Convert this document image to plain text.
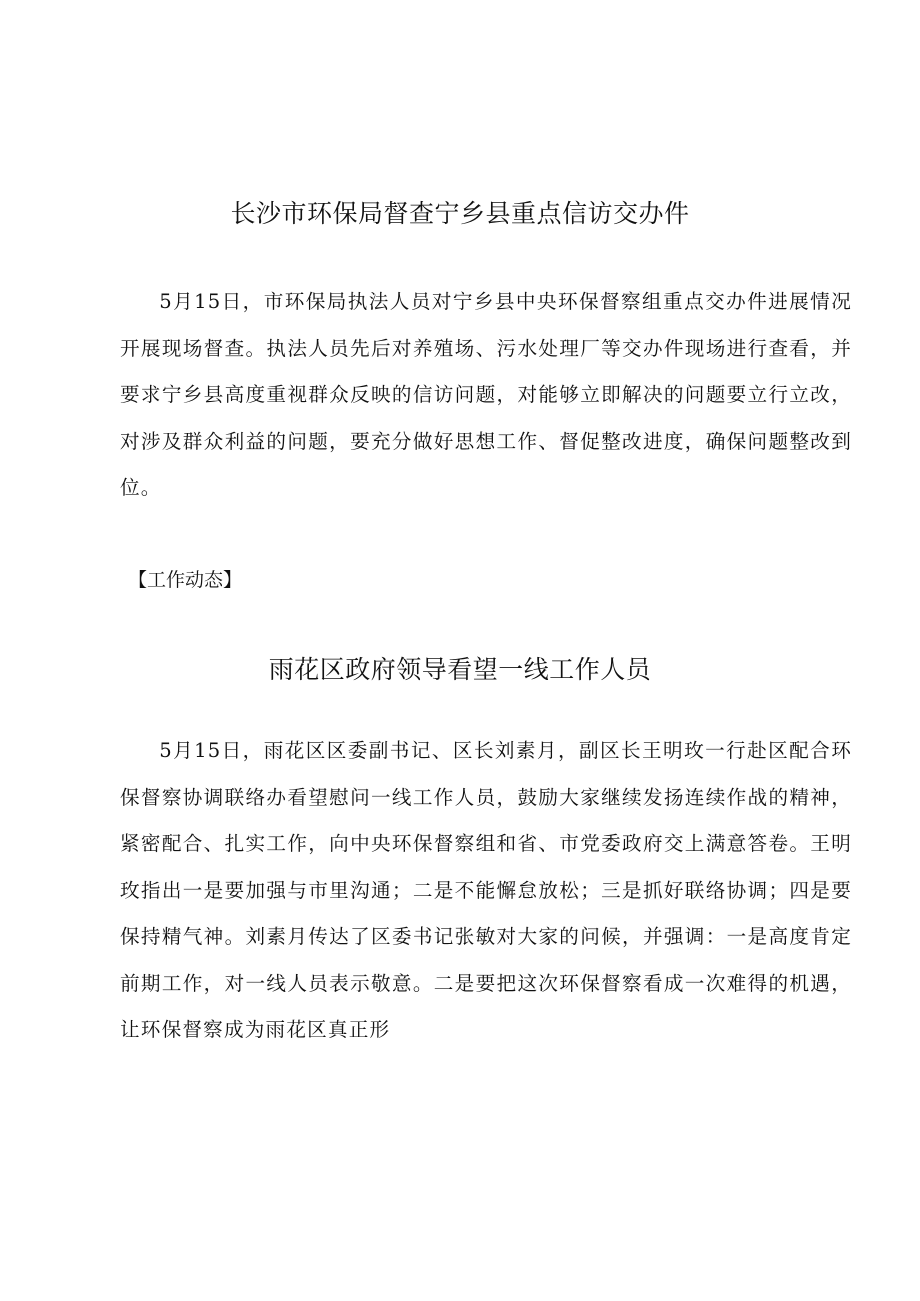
长沙市环保局督查宁乡县重点信访交办件

5月15日，市环保局执法人员对宁乡县中央环保督察组重点交办件进展情况开展现场督查。执法人员先后对养殖场、污水处理厂等交办件现场进行查看，并要求宁乡县高度重视群众反映的信访问题，对能够立即解决的问题要立行立改，对涉及群众利益的问题，要充分做好思想工作、督促整改进度，确保问题整改到位。

【工作动态】
雨花区政府领导看望一线工作人员

5月15日，雨花区区委副书记、区长刘素月，副区长王明玫一行赴区配合环保督察协调联络办看望慰问一线工作人员，鼓励大家继续发扬连续作战的精神，紧密配合、扎实工作，向中央环保督察组和省、市党委政府交上满意答卷。王明玫指出一是要加强与市里沟通；二是不能懈怠放松；三是抓好联络协调；四是要保持精气神。刘素月传达了区委书记张敏对大家的问候，并强调：一是高度肯定前期工作，对一线人员表示敬意。二是要把这次环保督察看成一次难得的机遇，让环保督察成为雨花区真正形
